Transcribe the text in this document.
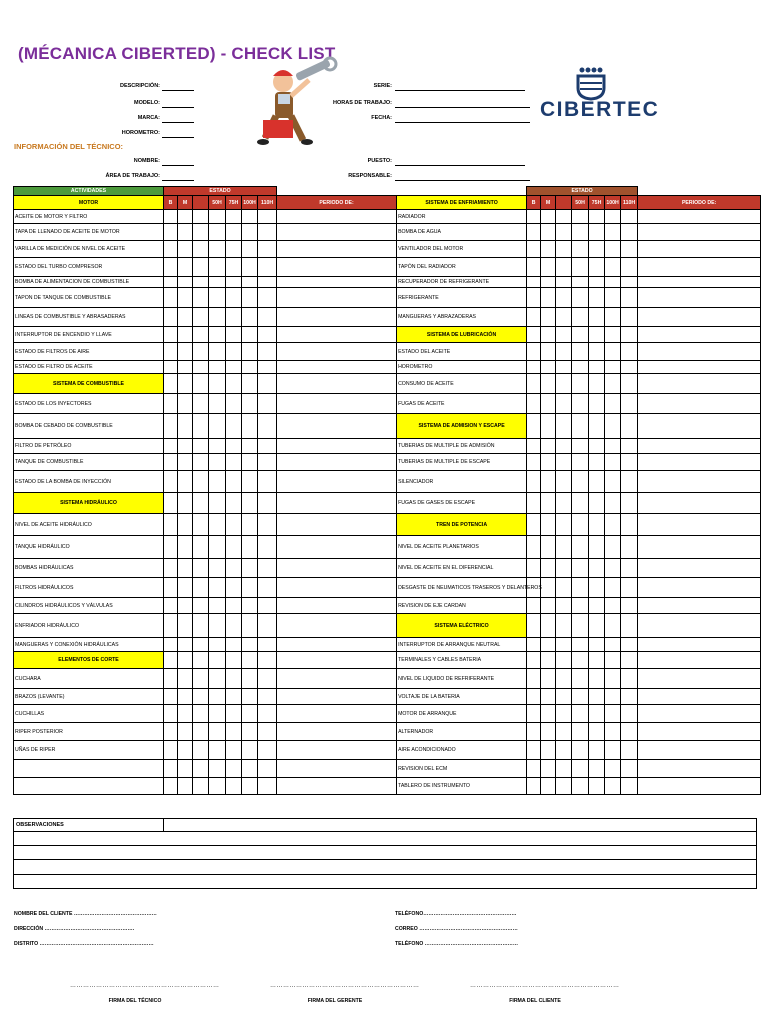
(MÉCANICA CIBERTED) - CHECK LIST
CIBERTEC
DESCRIPCIÓN:
MODELO:
MARCA:
HOROMETRO:
SERIE:
HORAS DE TRABAJO:
FECHA:
INFORMACIÓN DEL TÉCNICO:
NOMBRE:
ÁREA DE TRABAJO:
PUESTO:
RESPONSABLE:
ACTIVIDADES	ESTADO									ESTADO							
MOTOR	B	M		50H	75H	100H	110H	PERIODO DE:	SISTEMA DE ENFRIAMIENTO	B	M		50H	75H	100H	110H	PERIODO DE:
ACEITE DE MOTOR Y FILTRO									RADIADOR								
TAPA DE LLENADO DE ACEITE DE MOTOR									BOMBA DE AGUA								
VARILLA DE MEDICIÓN DE NIVEL DE ACEITE									VENTILADOR DEL MOTOR								
ESTADO DEL TURBO COMPRESOR									TAPÓN DEL RADIADOR								
BOMBA DE ALIMENTACION DE COMBUSTIBLE									RECUPERADOR DE REFRIGERANTE								
TAPON DE TANQUE DE COMBUSTIBLE									REFRIGERANTE								
LINEAS DE COMBUSTIBLE Y ABRASADERAS									MANGUERAS Y ABRAZADERAS								
INTERRUPTOR DE ENCENDIO Y LLAVE									SISTEMA DE LUBRICACIÓN								
ESTADO DE FILTROS DE AIRE									ESTADO DEL ACEITE								
ESTADO DE FILTRO DE ACEITE									HOROMETRO								
SISTEMA DE COMBUSTIBLE									CONSUMO DE ACEITE								
ESTADO DE LOS INYECTORES									FUGAS DE ACEITE								
BOMBA DE CEBADO DE COMBUSTIBLE									SISTEMA DE ADMISION Y ESCAPE								
FILTRO DE PETRÓLEO									TUBERIAS DE MULTIPLE DE ADMISIÓN								
TANQUE DE COMBUSTIBLE									TUBERIAS DE MULTIPLE DE ESCAPE								
ESTADO DE LA BOMBA DE INYECCIÓN									SILENCIADOR								
SISTEMA HIDRÁULICO									FUGAS DE GASES DE ESCAPE								
NIVEL DE ACEITE HIDRÁULICO									TREN DE POTENCIA								
TANQUE HIDRÁULICO									NIVEL DE ACEITE PLANETARIOS								
BOMBAS HIDRÁULICAS									NIVEL DE ACEITE EN EL DIFERENCIAL								
FILTROS HIDRÁULICOS									DESGASTE DE NEUMATICOS TRASEROS Y DELANTEROS								
CILINDROS HIDRÁULICOS Y VÁLVULAS									REVISION DE EJE CARDAN								
ENFRIADOR HIDRÁULICO									SISTEMA ELÉCTRICO								
MANGUERAS Y CONEXIÓN HIDRÁULICAS									INTERRUPTOR DE ARRANQUE NEUTRAL								
ELEMENTOS DE CORTE									TERMINALES Y CABLES BATERIA								
CUCHARA									NIVEL DE LIQUIDO DE REFRIFERANTE								
BRAZOS (LEVANTE)									VOLTAJE DE LA BATERIA								
CUCHILLAS									MOTOR DE ARRANQUE								
RIPER POSTERIOR									ALTERNADOR								
UÑAS DE RIPER									AIRE ACONDICIONADO								
									REVISION DEL ECM								
									TABLERO DE INSTRUMENTO								
OBSERVACIONES	

NOMBRE DEL CLIENTE …………………………………………
DIRECCIÓN …………………………………………….
DISTRITO …………………………………………………………
TELÉFONO………………………………………………
CORREO …………………………………………………
TELÉFONO ………………………………………………
……………………………………………………………	……………………………………………………………	……………………………………………………………
FIRMA DEL TÉCNICO	FIRMA DEL GERENTE	FIRMA DEL CLIENTE
